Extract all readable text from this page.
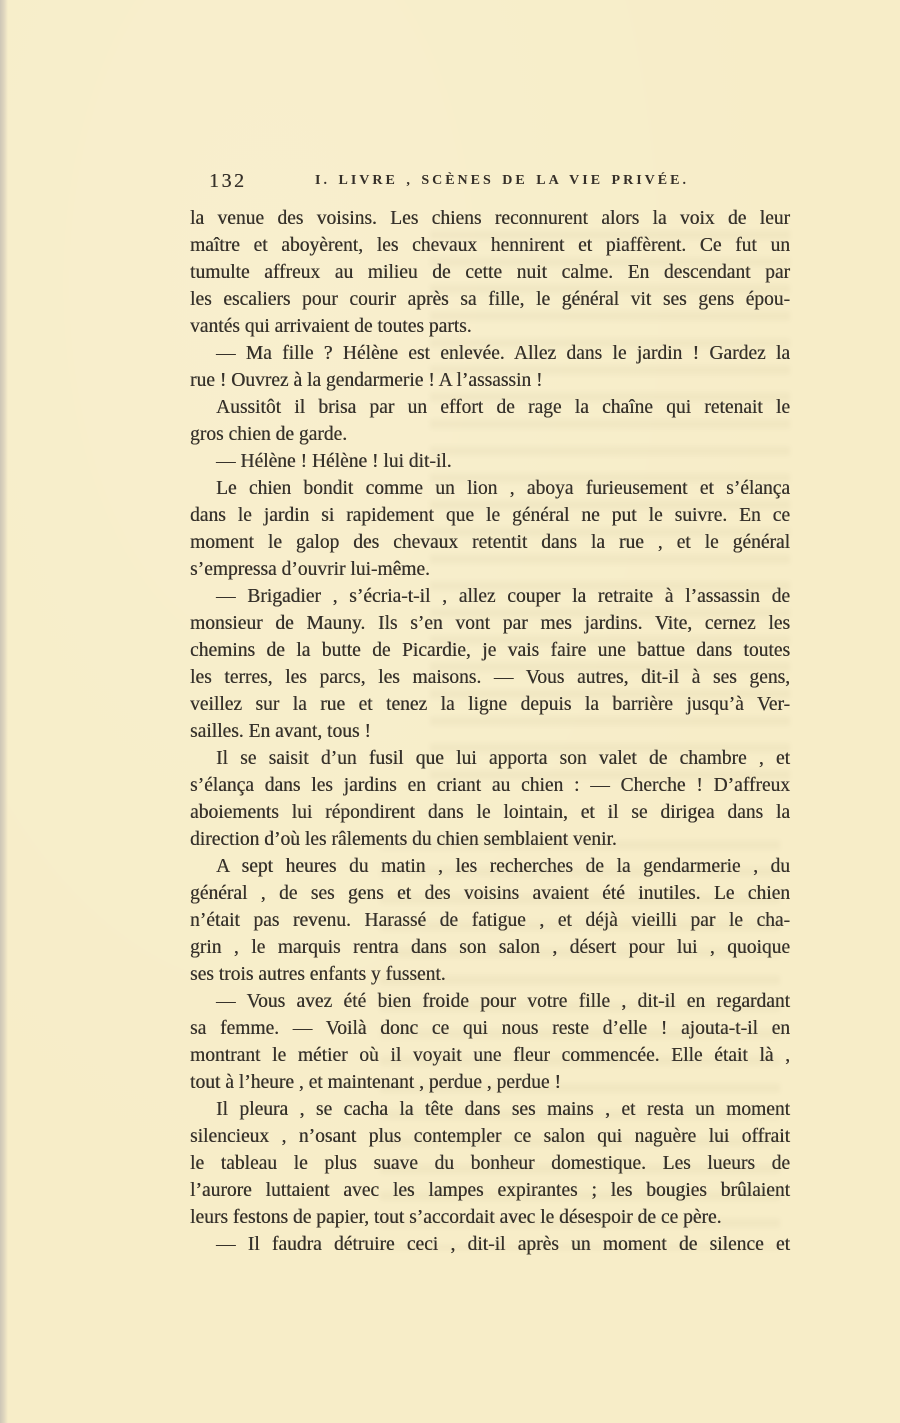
132	I. LIVRE , SCÈNES DE LA VIE PRIVÉE.
la venue des voisins. Les chiens reconnurent alors la voix de leur
maître et aboyèrent, les chevaux hennirent et piaffèrent. Ce fut un
tumulte affreux au milieu de cette nuit calme. En descendant par
les escaliers pour courir après sa fille, le général vit ses gens épou-
vantés qui arrivaient de toutes parts.
— Ma fille ? Hélène est enlevée. Allez dans le jardin ! Gardez la
rue ! Ouvrez à la gendarmerie ! A l’assassin !
Aussitôt il brisa par un effort de rage la chaîne qui retenait le
gros chien de garde.
— Hélène ! Hélène ! lui dit-il.
Le chien bondit comme un lion , aboya furieusement et s’élança
dans le jardin si rapidement que le général ne put le suivre. En ce
moment le galop des chevaux retentit dans la rue , et le général
s’empressa d’ouvrir lui-même.
— Brigadier , s’écria-t-il , allez couper la retraite à l’assassin de
monsieur de Mauny. Ils s’en vont par mes jardins. Vite, cernez les
chemins de la butte de Picardie, je vais faire une battue dans toutes
les terres, les parcs, les maisons. — Vous autres, dit-il à ses gens,
veillez sur la rue et tenez la ligne depuis la barrière jusqu’à Ver-
sailles. En avant, tous !
Il se saisit d’un fusil que lui apporta son valet de chambre , et
s’élança dans les jardins en criant au chien : — Cherche ! D’affreux
aboiements lui répondirent dans le lointain, et il se dirigea dans la
direction d’où les râlements du chien semblaient venir.
A sept heures du matin , les recherches de la gendarmerie , du
général , de ses gens et des voisins avaient été inutiles. Le chien
n’était pas revenu. Harassé de fatigue , et déjà vieilli par le cha-
grin , le marquis rentra dans son salon , désert pour lui , quoique
ses trois autres enfants y fussent.
— Vous avez été bien froide pour votre fille , dit-il en regardant
sa femme. — Voilà donc ce qui nous reste d’elle ! ajouta-t-il en
montrant le métier où il voyait une fleur commencée. Elle était là ,
tout à l’heure , et maintenant , perdue , perdue !
Il pleura , se cacha la tête dans ses mains , et resta un moment
silencieux , n’osant plus contempler ce salon qui naguère lui offrait
le tableau le plus suave du bonheur domestique. Les lueurs de
l’aurore luttaient avec les lampes expirantes ; les bougies brûlaient
leurs festons de papier, tout s’accordait avec le désespoir de ce père.
— Il faudra détruire ceci , dit-il après un moment de silence et
